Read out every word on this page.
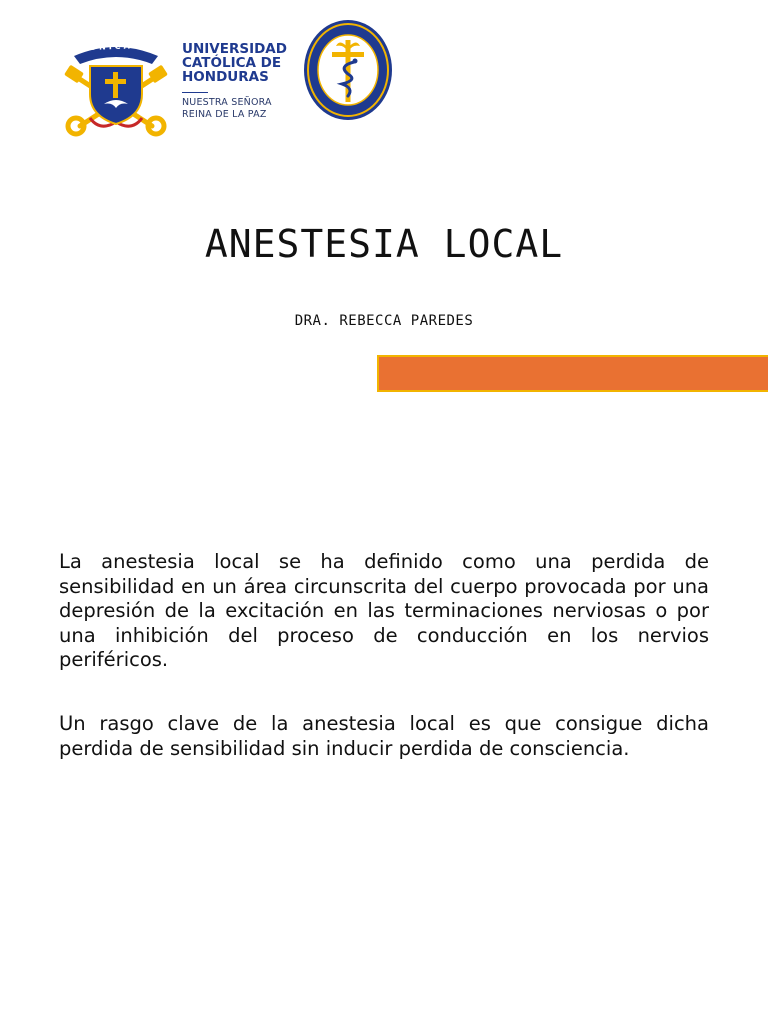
UNICAH	UNIVERSIDAD
CATÓLICA DE
HONDURAS
NUESTRA SEÑORA
REINA DE LA PAZ
ANESTESIA LOCAL
DRA. REBECCA PAREDES

La anestesia local se ha definido como una perdida de sensibilidad en un área circunscrita del cuerpo provocada por una depresión de la excitación en las terminaciones nerviosas o por una inhibición del proceso de conducción en los nervios periféricos.

Un rasgo clave de la anestesia local es que consigue dicha perdida de sensibilidad sin inducir perdida de consciencia.
